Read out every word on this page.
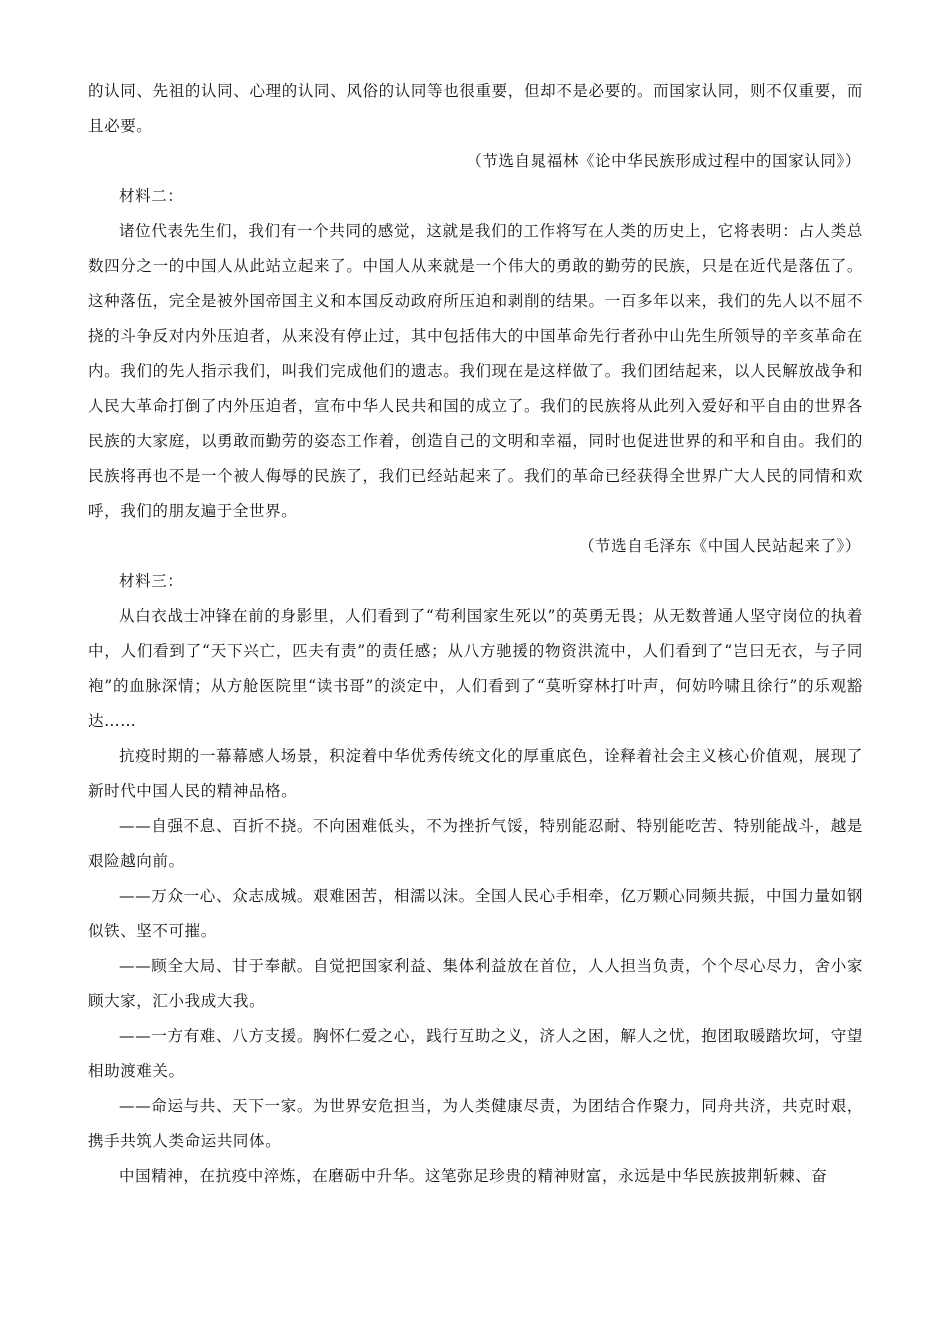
的认同、先祖的认同、心理的认同、风俗的认同等也很重要，但却不是必要的。而国家认同，则不仅重要，而且必要。

（节选自晁福林《论中华民族形成过程中的国家认同》）

材料二：

诸位代表先生们，我们有一个共同的感觉，这就是我们的工作将写在人类的历史上，它将表明：占人类总数四分之一的中国人从此站立起来了。中国人从来就是一个伟大的勇敢的勤劳的民族，只是在近代是落伍了。这种落伍，完全是被外国帝国主义和本国反动政府所压迫和剥削的结果。一百多年以来，我们的先人以不屈不挠的斗争反对内外压迫者，从来没有停止过，其中包括伟大的中国革命先行者孙中山先生所领导的辛亥革命在内。我们的先人指示我们，叫我们完成他们的遗志。我们现在是这样做了。我们团结起来，以人民解放战争和人民大革命打倒了内外压迫者，宣布中华人民共和国的成立了。我们的民族将从此列入爱好和平自由的世界各民族的大家庭，以勇敢而勤劳的姿态工作着，创造自己的文明和幸福，同时也促进世界的和平和自由。我们的民族将再也不是一个被人侮辱的民族了，我们已经站起来了。我们的革命已经获得全世界广大人民的同情和欢呼，我们的朋友遍于全世界。

（节选自毛泽东《中国人民站起来了》）

材料三：

从白衣战士冲锋在前的身影里，人们看到了“苟利国家生死以”的英勇无畏；从无数普通人坚守岗位的执着中，人们看到了“天下兴亡，匹夫有责”的责任感；从八方驰援的物资洪流中，人们看到了“岂曰无衣，与子同袍”的血脉深情；从方舱医院里“读书哥”的淡定中，人们看到了“莫听穿林打叶声，何妨吟啸且徐行”的乐观豁达……

抗疫时期的一幕幕感人场景，积淀着中华优秀传统文化的厚重底色，诠释着社会主义核心价值观，展现了新时代中国人民的精神品格。

——自强不息、百折不挠。不向困难低头，不为挫折气馁，特别能忍耐、特别能吃苦、特别能战斗，越是艰险越向前。

——万众一心、众志成城。艰难困苦，相濡以沫。全国人民心手相牵，亿万颗心同频共振，中国力量如钢似铁、坚不可摧。

——顾全大局、甘于奉献。自觉把国家利益、集体利益放在首位，人人担当负责，个个尽心尽力，舍小家顾大家，汇小我成大我。

——一方有难、八方支援。胸怀仁爱之心，践行互助之义，济人之困，解人之忧，抱团取暖踏坎坷，守望相助渡难关。

——命运与共、天下一家。为世界安危担当，为人类健康尽责，为团结合作聚力，同舟共济，共克时艰，携手共筑人类命运共同体。

中国精神，在抗疫中淬炼，在磨砺中升华。这笔弥足珍贵的精神财富，永远是中华民族披荆斩棘、奋
